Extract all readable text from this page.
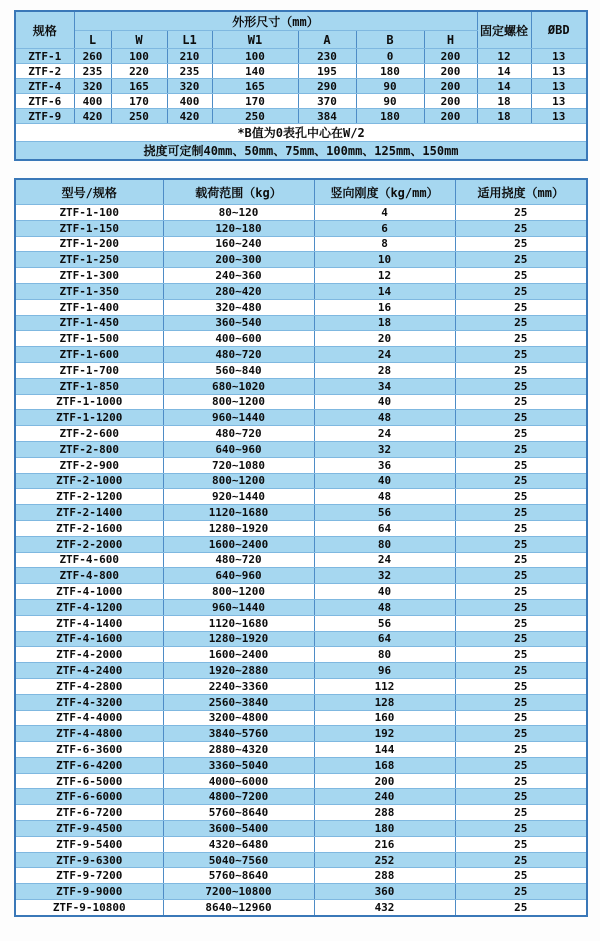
规格	外形尺寸（mm）							固定螺栓	ØBD
	L	W	L1	W1	A	B	H		
ZTF-1	260	100	210	100	230	0	200	12	13
ZTF-2	235	220	235	140	195	180	200	14	13
ZTF-4	320	165	320	165	290	90	200	14	13
ZTF-6	400	170	400	170	370	90	200	18	13
ZTF-9	420	250	420	250	384	180	200	18	13
*B值为0表孔中心在W/2									
挠度可定制40mm、50mm、75mm、100mm、125mm、150mm									
型号/规格	载荷范围（kg）	竖向刚度（kg/mm）	适用挠度（mm）
ZTF-1-100	80~120	4	25
ZTF-1-150	120~180	6	25
ZTF-1-200	160~240	8	25
ZTF-1-250	200~300	10	25
ZTF-1-300	240~360	12	25
ZTF-1-350	280~420	14	25
ZTF-1-400	320~480	16	25
ZTF-1-450	360~540	18	25
ZTF-1-500	400~600	20	25
ZTF-1-600	480~720	24	25
ZTF-1-700	560~840	28	25
ZTF-1-850	680~1020	34	25
ZTF-1-1000	800~1200	40	25
ZTF-1-1200	960~1440	48	25
ZTF-2-600	480~720	24	25
ZTF-2-800	640~960	32	25
ZTF-2-900	720~1080	36	25
ZTF-2-1000	800~1200	40	25
ZTF-2-1200	920~1440	48	25
ZTF-2-1400	1120~1680	56	25
ZTF-2-1600	1280~1920	64	25
ZTF-2-2000	1600~2400	80	25
ZTF-4-600	480~720	24	25
ZTF-4-800	640~960	32	25
ZTF-4-1000	800~1200	40	25
ZTF-4-1200	960~1440	48	25
ZTF-4-1400	1120~1680	56	25
ZTF-4-1600	1280~1920	64	25
ZTF-4-2000	1600~2400	80	25
ZTF-4-2400	1920~2880	96	25
ZTF-4-2800	2240~3360	112	25
ZTF-4-3200	2560~3840	128	25
ZTF-4-4000	3200~4800	160	25
ZTF-4-4800	3840~5760	192	25
ZTF-6-3600	2880~4320	144	25
ZTF-6-4200	3360~5040	168	25
ZTF-6-5000	4000~6000	200	25
ZTF-6-6000	4800~7200	240	25
ZTF-6-7200	5760~8640	288	25
ZTF-9-4500	3600~5400	180	25
ZTF-9-5400	4320~6480	216	25
ZTF-9-6300	5040~7560	252	25
ZTF-9-7200	5760~8640	288	25
ZTF-9-9000	7200~10800	360	25
ZTF-9-10800	8640~12960	432	25
